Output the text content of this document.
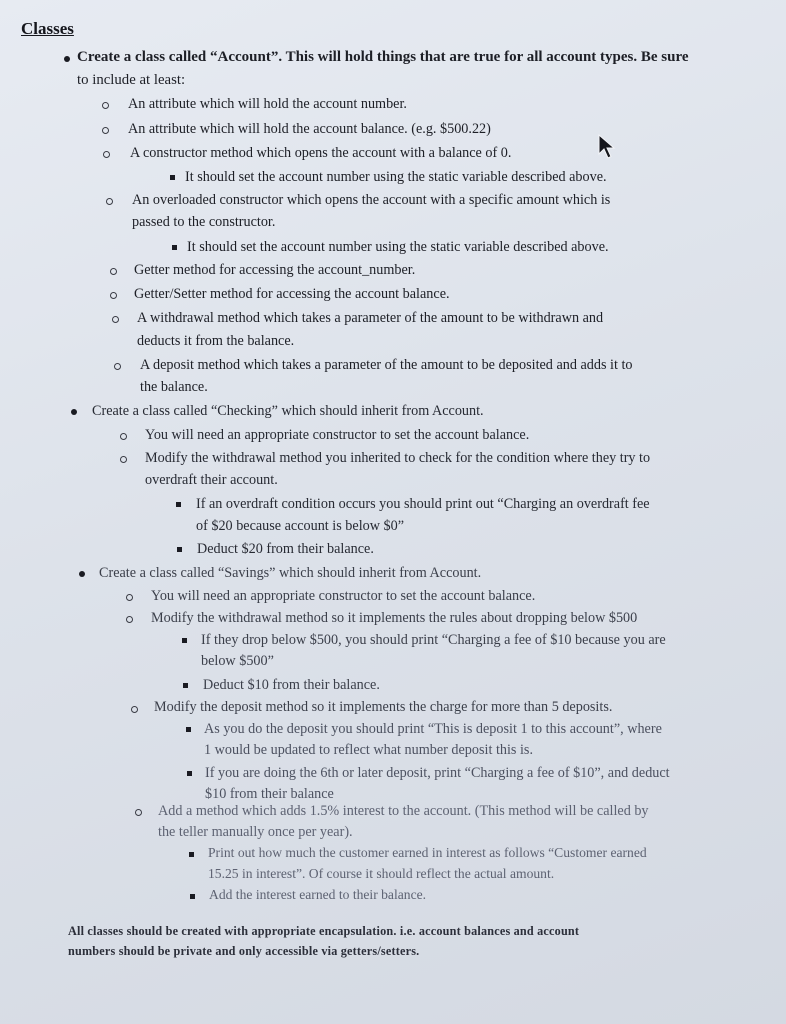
Classes
Create a class called “Account”. This will hold things that are true for all account types. Be sure
to include at least:
An attribute which will hold the account number.
An attribute which will hold the account balance. (e.g. $500.22)
A constructor method which opens the account with a balance of 0.
It should set the account number using the static variable described above.
An overloaded constructor which opens the account with a specific amount which is
passed to the constructor.
It should set the account number using the static variable described above.
Getter method for accessing the account_number.
Getter/Setter method for accessing the account balance.
A withdrawal method which takes a parameter of the amount to be withdrawn and
deducts it from the balance.
A deposit method which takes a parameter of the amount to be deposited and adds it to
the balance.
Create a class called “Checking” which should inherit from Account.
You will need an appropriate constructor to set the account balance.
Modify the withdrawal method you inherited to check for the condition where they try to
overdraft their account.
If an overdraft condition occurs you should print out “Charging an overdraft fee
of $20 because account is below $0”
Deduct $20 from their balance.
Create a class called “Savings” which should inherit from Account.
You will need an appropriate constructor to set the account balance.
Modify the withdrawal method so it implements the rules about dropping below $500
If they drop below $500, you should print “Charging a fee of $10 because you are
below $500”
Deduct $10 from their balance.
Modify the deposit method so it implements the charge for more than 5 deposits.
As you do the deposit you should print “This is deposit 1 to this account”, where
1 would be updated to reflect what number deposit this is.
If you are doing the 6th or later deposit, print “Charging a fee of $10”, and deduct
$10 from their balance
Add a method which adds 1.5% interest to the account. (This method will be called by
the teller manually once per year).
Print out how much the customer earned in interest as follows “Customer earned
15.25 in interest”. Of course it should reflect the actual amount.
Add the interest earned to their balance.
All classes should be created with appropriate encapsulation. i.e. account balances and account
numbers should be private and only accessible via getters/setters.
